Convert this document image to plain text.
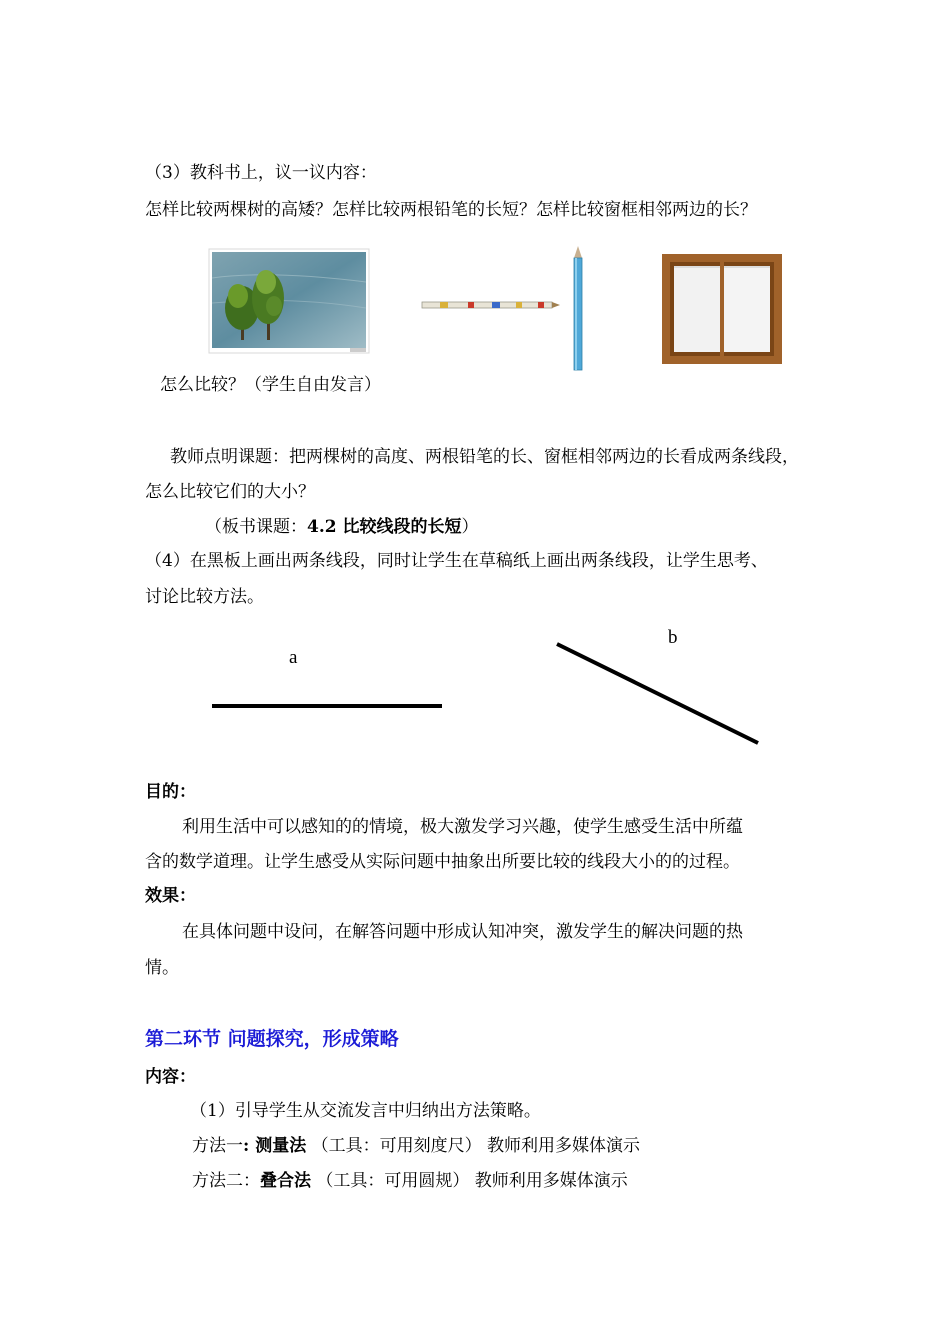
（3）教科书上，议一议内容：
怎样比较两棵树的高矮？怎样比较两根铅笔的长短？怎样比较窗框相邻两边的长？
怎么比较？（学生自由发言）
教师点明课题：把两棵树的高度、两根铅笔的长、窗框相邻两边的长看成两条线段，
怎么比较它们的大小？
（板书课题：4.2 比较线段的长短）
（4）在黑板上画出两条线段，同时让学生在草稿纸上画出两条线段，让学生思考、
讨论比较方法。
a
b
目的：
利用生活中可以感知的的情境，极大激发学习兴趣，使学生感受生活中所蕴
含的数学道理。让学生感受从实际问题中抽象出所要比较的线段大小的的过程。
效果：
在具体问题中设问，在解答问题中形成认知冲突，激发学生的解决问题的热
情。
第二环节 问题探究，形成策略
内容：
（1）引导学生从交流发言中归纳出方法策略。
方法一: 测量法 （工具：可用刻度尺） 教师利用多媒体演示
方法二：叠合法 （工具：可用圆规） 教师利用多媒体演示
